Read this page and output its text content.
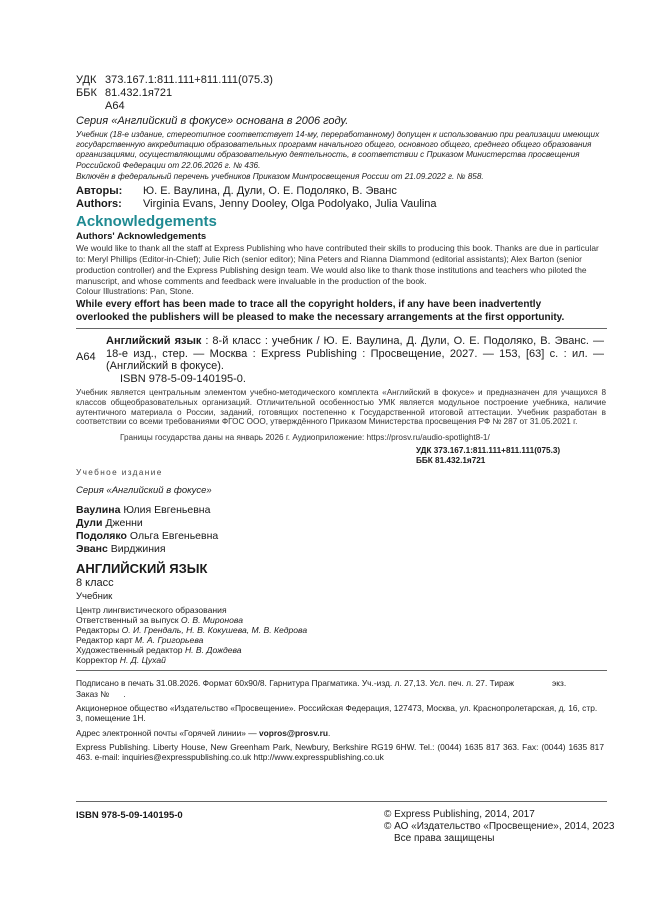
УДК 373.167.1:811.111+811.111(075.3)
ББК 81.432.1я721
А64
Серия «Английский в фокусе» основана в 2006 году.
Учебник (18-е издание, стереотипное соответствует 14-му, переработанному) допущен к использованию при реализации имеющих государственную аккредитацию образовательных программ начального общего, основного общего, среднего общего образования организациями, осуществляющими образовательную деятельность, в соответствии с Приказом Министерства просвещения Российской Федерации от 22.06.2026 г. № 436.
Включён в федеральный перечень учебников Приказом Минпросвещения России от 21.09.2022 г. № 858.
Авторы: Ю. Е. Ваулина, Д. Дули, О. Е. Подоляко, В. Эванс
Authors: Virginia Evans, Jenny Dooley, Olga Podolyako, Julia Vaulina
Acknowledgements
Authors' Acknowledgements
We would like to thank all the staff at Express Publishing who have contributed their skills to producing this book. Thanks are due in particular to: Meryl Phillips (Editor-in-Chief); Julie Rich (senior editor); Nina Peters and Rianna Diammond (editorial assistants); Alex Barton (senior production controller) and the Express Publishing design team. We would also like to thank those institutions and teachers who piloted the manuscript, and whose comments and feedback were invaluable in the production of the book.
Colour Illustrations: Pan, Stone.
While every effort has been made to trace all the copyright holders, if any have been inadvertently overlooked the publishers will be pleased to make the necessary arrangements at the first opportunity.
А64
Английский язык : 8-й класс : учебник / Ю. Е. Ваулина, Д. Дули, О. Е. Подоляко, В. Эванс. — 18-е изд., стер. — Москва : Express Publishing : Просвещение, 2027. — 153, [63] с. : ил. — (Английский в фокусе).
ISBN 978-5-09-140195-0.
Учебник является центральным элементом учебно-методического комплекта «Английский в фокусе» и предназначен для учащихся 8 классов общеобразовательных организаций. Отличительной особенностью УМК является модульное построение учебника, наличие аутентичного материала о России, заданий, готовящих постепенно к Государственной итоговой аттестации. Учебник разработан в соответствии со всеми требованиями ФГОС ООО, утверждённого Приказом Министерства просвещения РФ № 287 от 31.05.2021 г.
Границы государства даны на январь 2026 г. Аудиоприложение: https://prosv.ru/audio-spotlight8-1/
УДК 373.167.1:811.111+811.111(075.3)
ББК 81.432.1я721
Учебное издание
Серия «Английский в фокусе»
Ваулина Юлия Евгеньевна
Дули Дженни
Подоляко Ольга Евгеньевна
Эванс Вирджиния
АНГЛИЙСКИЙ ЯЗЫК
8 класс
Учебник
Центр лингвистического образования
Ответственный за выпуск О. В. Миронова
Редакторы О. И. Грендаль, Н. В. Кокушева, М. В. Кедрова
Редактор карт М. А. Григорьева
Художественный редактор Н. В. Дождева
Корректор Н. Д. Цухай
Подписано в печать 31.08.2026. Формат 60x90/8. Гарнитура Прагматика. Уч.-изд. л. 27,13. Усл. печ. л. 27. Тираж	экз.
Заказ № .
Акционерное общество «Издательство «Просвещение». Российская Федерация, 127473, Москва, ул. Краснопролетарская, д. 16, стр. 3, помещение 1Н.
Адрес электронной почты «Горячей линии» — vopros@prosv.ru.
Express Publishing. Liberty House, New Greenham Park, Newbury, Berkshire RG19 6HW. Tel.: (0044) 1635 817 363. Fax: (0044) 1635 817 463. e-mail: inquiries@expresspublishing.co.uk http://www.expresspublishing.co.uk
ISBN 978-5-09-140195-0	© Express Publishing, 2014, 2017
© АО «Издательство «Просвещение», 2014, 2023
Все права защищены
